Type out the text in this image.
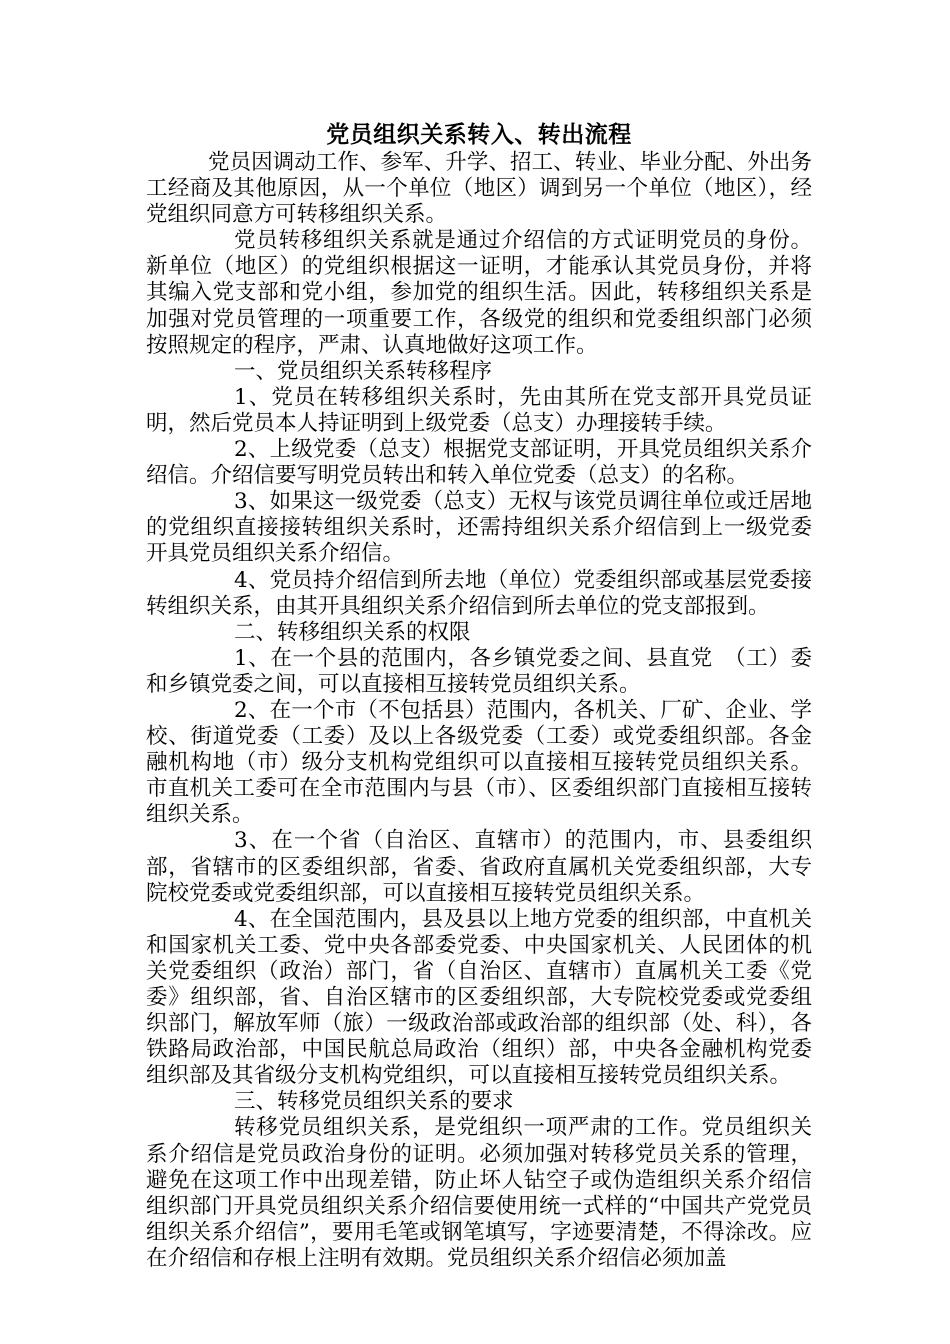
党员组织关系转入、转出流程

党员因调动工作、参军、升学、招工、转业、毕业分配、外出务工经商及其他原因，从一个单位（地区）调到另一个单位（地区），经党组织同意方可转移组织关系。

党员转移组织关系就是通过介绍信的方式证明党员的身份。新单位（地区）的党组织根据这一证明，才能承认其党员身份，并将其编入党支部和党小组，参加党的组织生活。因此，转移组织关系是加强对党员管理的一项重要工作，各级党的组织和党委组织部门必须按照规定的程序，严肃、认真地做好这项工作。

一、党员组织关系转移程序

1、党员在转移组织关系时，先由其所在党支部开具党员证明，然后党员本人持证明到上级党委（总支）办理接转手续。

2、上级党委（总支）根据党支部证明，开具党员组织关系介绍信。介绍信要写明党员转出和转入单位党委（总支）的名称。

3、如果这一级党委（总支）无权与该党员调往单位或迁居地的党组织直接接转组织关系时，还需持组织关系介绍信到上一级党委开具党员组织关系介绍信。

4、党员持介绍信到所去地（单位）党委组织部或基层党委接转组织关系，由其开具组织关系介绍信到所去单位的党支部报到。

二、转移组织关系的权限

1、在一个县的范围内，各乡镇党委之间、县直党　（工）委和乡镇党委之间，可以直接相互接转党员组织关系。

2、在一个市（不包括县）范围内，各机关、厂矿、企业、学校、街道党委（工委）及以上各级党委（工委）或党委组织部。各金融机构地（市）级分支机构党组织可以直接相互接转党员组织关系。市直机关工委可在全市范围内与县（市）、区委组织部门直接相互接转组织关系。

3、在一个省（自治区、直辖市）的范围内，市、县委组织部，省辖市的区委组织部，省委、省政府直属机关党委组织部，大专院校党委或党委组织部，可以直接相互接转党员组织关系。

4、在全国范围内，县及县以上地方党委的组织部，中直机关和国家机关工委、党中央各部委党委、中央国家机关、人民团体的机关党委组织（政治）部门，省（自治区、直辖市）直属机关工委《党委》组织部，省、自治区辖市的区委组织部，大专院校党委或党委组织部门，解放军师（旅）一级政治部或政治部的组织部（处、科），各铁路局政治部，中国民航总局政治（组织）部，中央各金融机构党委组织部及其省级分支机构党组织，可以直接相互接转党员组织关系。

三、转移党员组织关系的要求

转移党员组织关系，是党组织一项严肃的工作。党员组织关系介绍信是党员政治身份的证明。必须加强对转移党员关系的管理，避免在这项工作中出现差错，防止坏人钻空子或伪造组织关系介绍信组织部门开具党员组织关系介绍信要使用统一式样的“中国共产党党员组织关系介绍信”，要用毛笔或钢笔填写，字迹要清楚，不得涂改。应在介绍信和存根上注明有效期。党员组织关系介绍信必须加盖
